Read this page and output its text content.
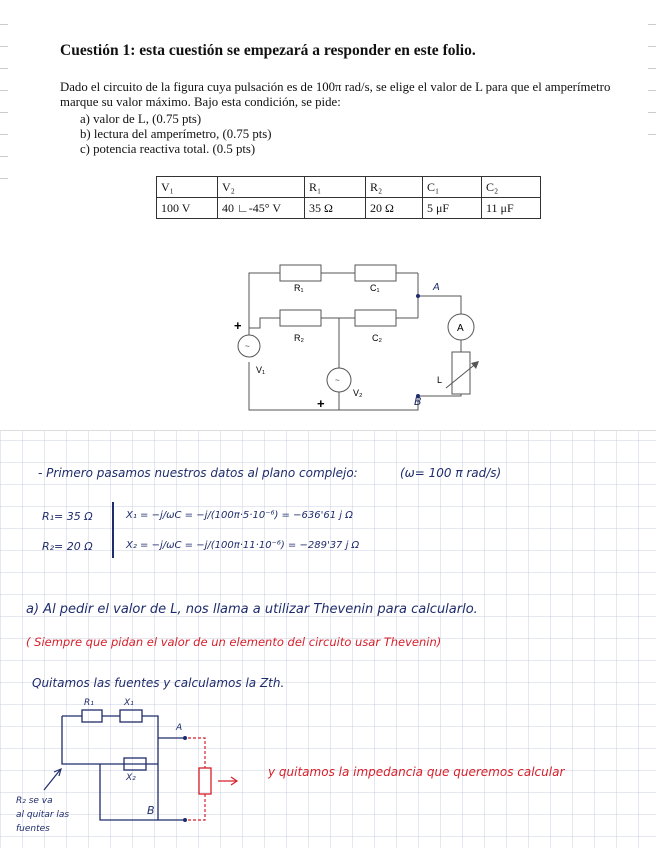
Cuestión 1: esta cuestión se empezará a responder en este folio.

Dado el circuito de la figura cuya pulsación es de 100π rad/s, se elige el valor de L para que el amperímetro marque su valor máximo. Bajo esta condición, se pide:

a) valor de L, (0.75 pts)
b) lectura del amperímetro, (0.75 pts)
c) potencia reactiva total. (0.5 pts)
V₁	V₂	R₁	R₂	C₁	C₂
100 V	40 ∟-45° V	35 Ω	20 Ω	5 μF	11 μF
~
~
R₁	C₁
R₂	C₂
V₁
V₂
A
L
+
+
A
B
- Primero pasamos nuestros datos al plano complejo:	(ω= 100 π rad/s)
R₁= 35 Ω
R₂= 20 Ω
X₁ = −j/ωC = −j/(100π·5·10⁻⁶) = −636'61 j Ω
X₂ = −j/ωC = −j/(100π·11·10⁻⁶) = −289'37 j Ω
a) Al pedir el valor de L, nos llama a utilizar Thevenin para calcularlo.
( Siempre que pidan el valor de un elemento del circuito usar Thevenin)
Quitamos las fuentes y calculamos la Zth.
R₁	X₁
X₂
A
B
y quitamos la impedancia que queremos calcular
R₂ se va
al quitar las
fuentes
